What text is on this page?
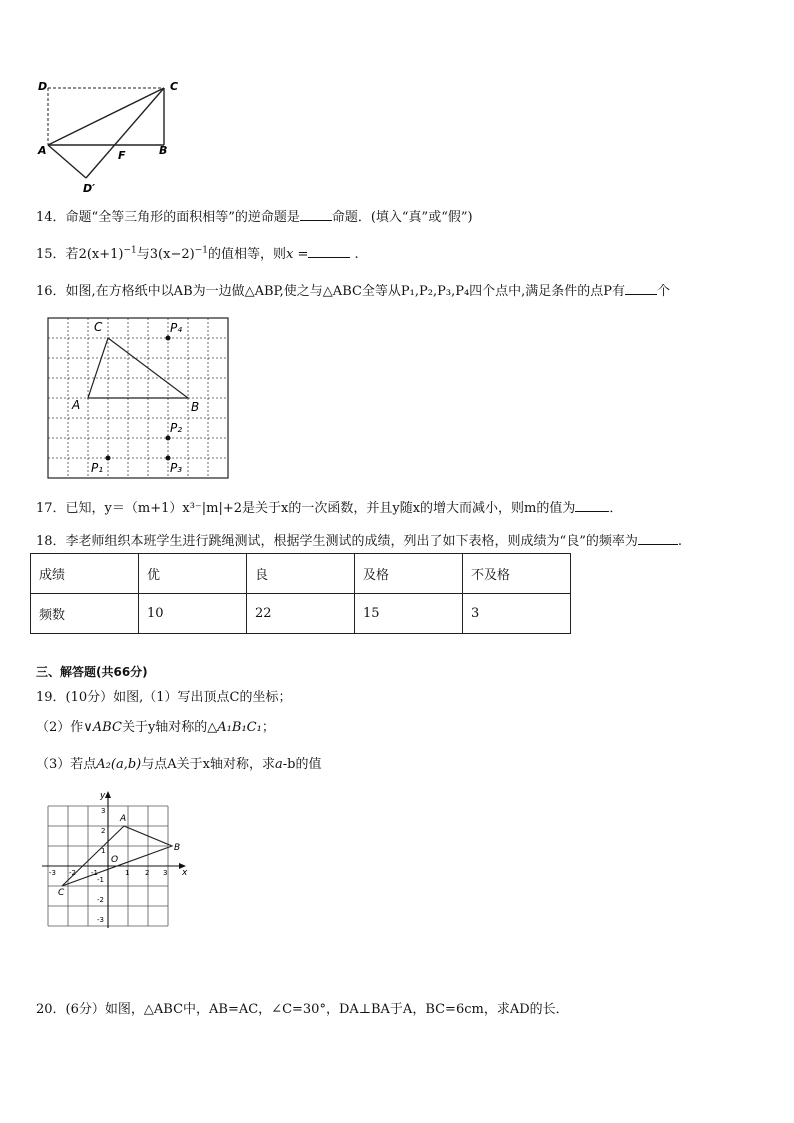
D	C
A	B
F
D′
14．命题“全等三角形的面积相等”的逆命题是 命题．(填入“真”或“假”)
15．若$2(x+1)^{-1}$与$3(x-2)^{-1}$的值相等，则x =	.
16．如图,在方格纸中以AB为一边做△ABP,使之与△ABC全等从P₁,P₂,P₃,P₄四个点中,满足条件的点P有 个
C
A	B
P₄
P₂
P₁	P₃
17．已知，y＝（m+1）x³⁻|m|+2是关于x的一次函数，并且y随x的增大而减小，则m的值为	．
18．李老师组织本班学生进行跳绳测试，根据学生测试的成绩，列出了如下表格，则成绩为“良”的频率为	.
成绩	优	良	及格	不及格
频数	10	22	15	3
三、解答题(共66分)
19．(10分）如图,（1）写出顶点C的坐标；
（2）作∨ABC关于y轴对称的△A₁B₁C₁；
（3）若点A₂(a,b)与点A关于x轴对称，求a-b的值
y
x
O
A
B
C
-3 -2 -1	1 2 3
3
2
1
-1
-2
-3
20．(6分）如图，△ABC中，AB=AC，∠C=30°，DA⊥BA于A，BC=6cm，求AD的长．
